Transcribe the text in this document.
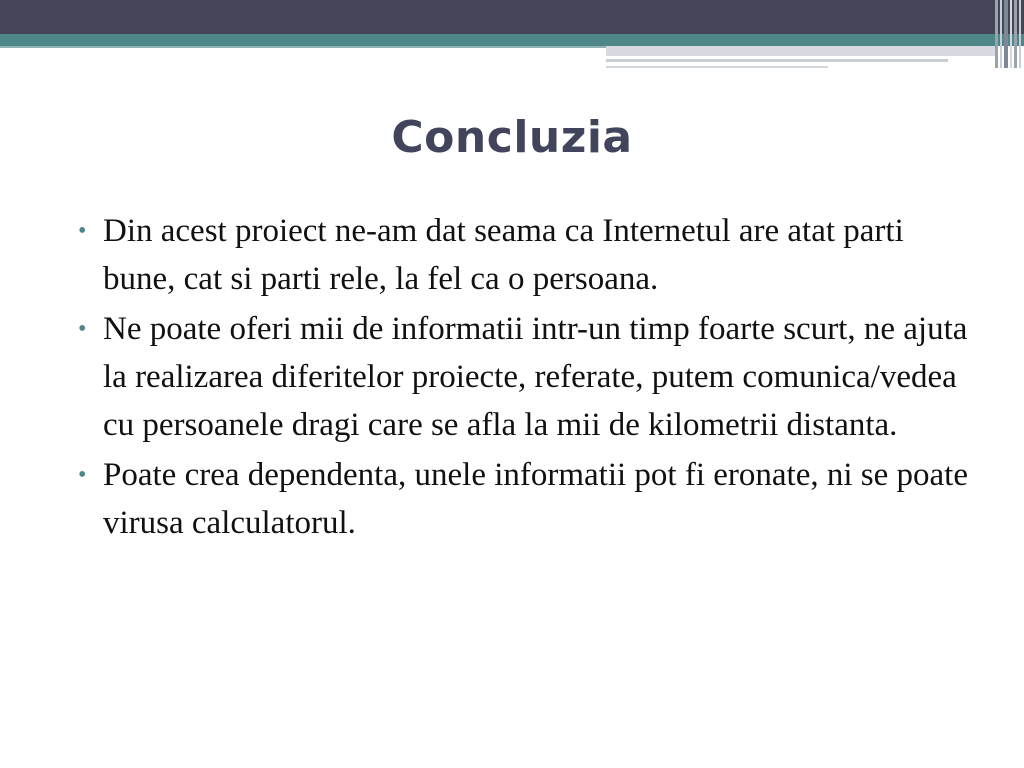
Concluzia
• Din acest proiect ne-am dat seama ca Internetul are atat parti bune, cat si parti rele, la fel ca o persoana.
• Ne poate oferi mii de informatii intr-un timp foarte scurt, ne ajuta la realizarea diferitelor proiecte, referate, putem comunica/vedea cu persoanele dragi care se afla la mii de kilometrii distanta.
• Poate crea dependenta, unele informatii pot fi eronate, ni se poate virusa calculatorul.
